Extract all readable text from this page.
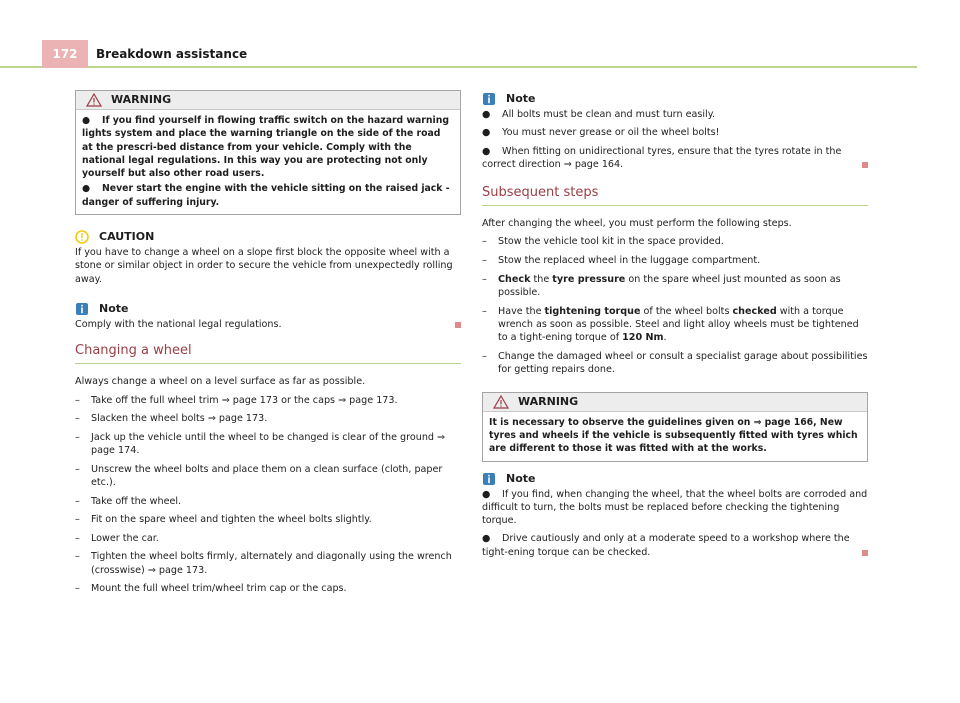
172	Breakdown assistance
WARNING

● If you find yourself in flowing traffic switch on the hazard warning lights system and place the warning triangle on the side of the road at the prescri-bed distance from your vehicle. Comply with the national legal regulations. In this way you are protecting not only yourself but also other road users.

● Never start the engine with the vehicle sitting on the raised jack - danger of suffering injury.

CAUTION

If you have to change a wheel on a slope first block the opposite wheel with a stone or similar object in order to secure the vehicle from unexpectedly rolling away.

Note

Comply with the national legal regulations.

Changing a wheel

Always change a wheel on a level surface as far as possible.

– Take off the full wheel trim ⇒ page 173 or the caps ⇒ page 173.
– Slacken the wheel bolts ⇒ page 173.
– Jack up the vehicle until the wheel to be changed is clear of the ground ⇒ page 174.
– Unscrew the wheel bolts and place them on a clean surface (cloth, paper etc.).
– Take off the wheel.
– Fit on the spare wheel and tighten the wheel bolts slightly.
– Lower the car.
– Tighten the wheel bolts firmly, alternately and diagonally using the wrench (crosswise) ⇒ page 173.
– Mount the full wheel trim/wheel trim cap or the caps.
Note

● All bolts must be clean and must turn easily.

● You must never grease or oil the wheel bolts!

● When fitting on unidirectional tyres, ensure that the tyres rotate in the correct direction ⇒ page 164.

Subsequent steps

After changing the wheel, you must perform the following steps.

– Stow the vehicle tool kit in the space provided.
– Stow the replaced wheel in the luggage compartment.
– Check the tyre pressure on the spare wheel just mounted as soon as possible.
– Have the tightening torque of the wheel bolts checked with a torque wrench as soon as possible. Steel and light alloy wheels must be tightened to a tight-ening torque of 120 Nm.
– Change the damaged wheel or consult a specialist garage about possibilities for getting repairs done.
WARNING

It is necessary to observe the guidelines given on ⇒ page 166, New tyres and wheels if the vehicle is subsequently fitted with tyres which are different to those it was fitted with at the works.

Note

● If you find, when changing the wheel, that the wheel bolts are corroded and difficult to turn, the bolts must be replaced before checking the tightening torque.

● Drive cautiously and only at a moderate speed to a workshop where the tight-ening torque can be checked.
